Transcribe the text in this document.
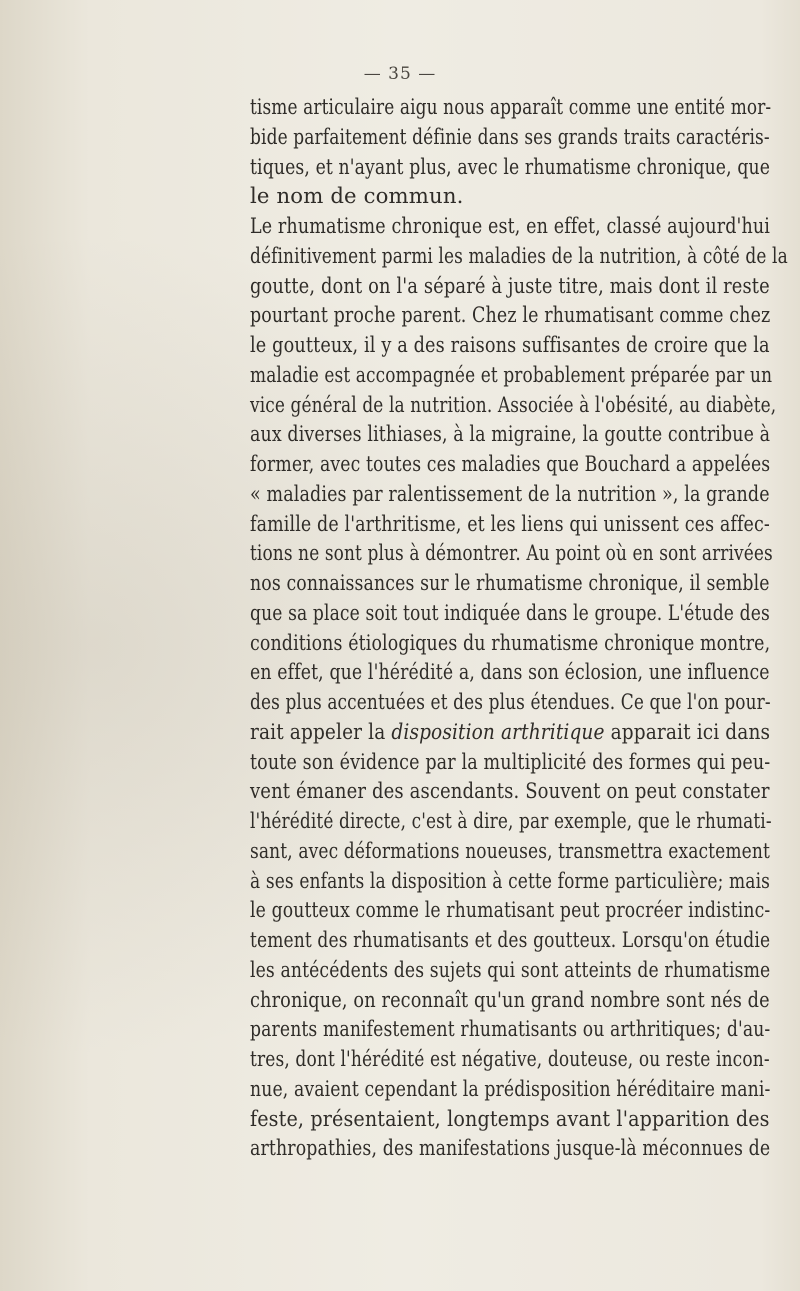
— 35 —
tisme articulaire aigu nous apparaît comme une entité mor-
bide parfaitement définie dans ses grands traits caractéris-
tiques, et n'ayant plus, avec le rhumatisme chronique, que
le nom de commun.
Le rhumatisme chronique est, en effet, classé aujourd'hui
définitivement parmi les maladies de la nutrition, à côté de la
goutte, dont on l'a séparé à juste titre, mais dont il reste
pourtant proche parent. Chez le rhumatisant comme chez
le goutteux, il y a des raisons suffisantes de croire que la
maladie est accompagnée et probablement préparée par un
vice général de la nutrition. Associée à l'obésité, au diabète,
aux diverses lithiases, à la migraine, la goutte contribue à
former, avec toutes ces maladies que Bouchard a appelées
« maladies par ralentissement de la nutrition », la grande
famille de l'arthritisme, et les liens qui unissent ces affec-
tions ne sont plus à démontrer. Au point où en sont arrivées
nos connaissances sur le rhumatisme chronique, il semble
que sa place soit tout indiquée dans le groupe. L'étude des
conditions étiologiques du rhumatisme chronique montre,
en effet, que l'hérédité a, dans son éclosion, une influence
des plus accentuées et des plus étendues. Ce que l'on pour-
rait appeler la disposition arthritique apparait ici dans
toute son évidence par la multiplicité des formes qui peu-
vent émaner des ascendants. Souvent on peut constater
l'hérédité directe, c'est à dire, par exemple, que le rhumati-
sant, avec déformations noueuses, transmettra exactement
à ses enfants la disposition à cette forme particulière; mais
le goutteux comme le rhumatisant peut procréer indistinc-
tement des rhumatisants et des goutteux. Lorsqu'on étudie
les antécédents des sujets qui sont atteints de rhumatisme
chronique, on reconnaît qu'un grand nombre sont nés de
parents manifestement rhumatisants ou arthritiques; d'au-
tres, dont l'hérédité est négative, douteuse, ou reste incon-
nue, avaient cependant la prédisposition héréditaire mani-
feste, présentaient, longtemps avant l'apparition des
arthropathies, des manifestations jusque-là méconnues de
